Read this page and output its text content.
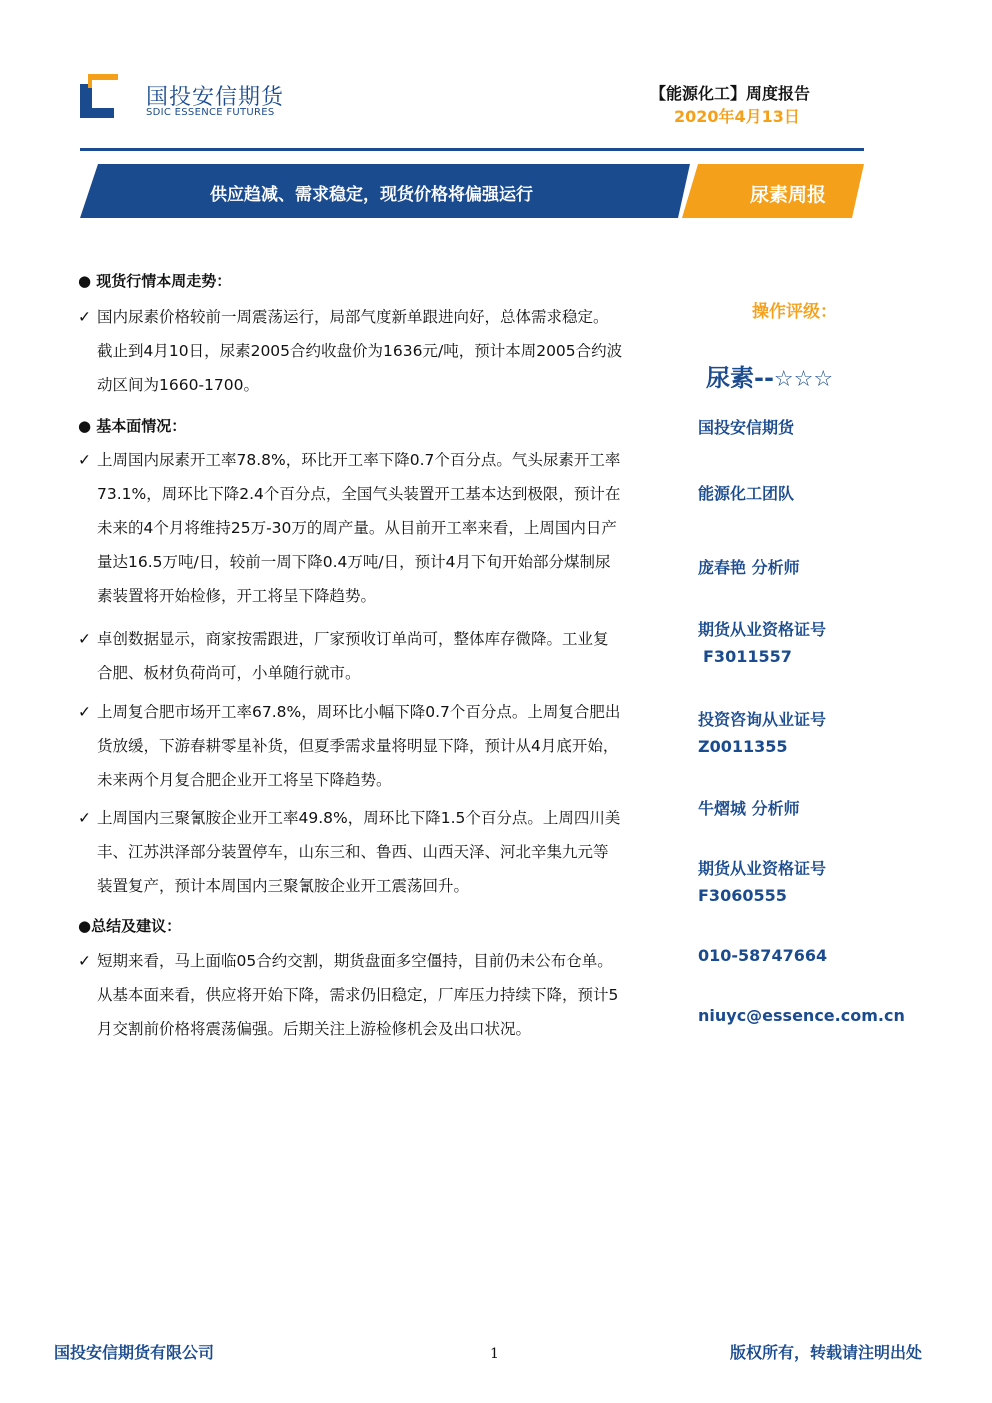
国投安信期货
SDIC ESSENCE FUTURES
【能源化工】周度报告
2020年4月13日
供应趋减、需求稳定，现货价格将偏强运行	尿素周报
● 现货行情本周走势：
✓ 国内尿素价格较前一周震荡运行，局部气度新单跟进向好，总体需求稳定。
截止到4月10日，尿素2005合约收盘价为1636元/吨，预计本周2005合约波
动区间为1660-1700。
● 基本面情况：
✓ 上周国内尿素开工率78.8%，环比开工率下降0.7个百分点。气头尿素开工率
73.1%，周环比下降2.4个百分点，全国气头装置开工基本达到极限，预计在
未来的4个月将维持25万-30万的周产量。从目前开工率来看，上周国内日产
量达16.5万吨/日，较前一周下降0.4万吨/日，预计4月下旬开始部分煤制尿
素装置将开始检修，开工将呈下降趋势。
✓ 卓创数据显示，商家按需跟进，厂家预收订单尚可，整体库存微降。工业复
合肥、板材负荷尚可，小单随行就市。
✓ 上周复合肥市场开工率67.8%，周环比小幅下降0.7个百分点。上周复合肥出
货放缓，下游春耕零星补货，但夏季需求量将明显下降，预计从4月底开始，
未来两个月复合肥企业开工将呈下降趋势。
✓ 上周国内三聚氰胺企业开工率49.8%，周环比下降1.5个百分点。上周四川美
丰、江苏洪泽部分装置停车，山东三和、鲁西、山西天泽、河北辛集九元等
装置复产，预计本周国内三聚氰胺企业开工震荡回升。
●总结及建议：
✓ 短期来看，马上面临05合约交割，期货盘面多空僵持，目前仍未公布仓单。
从基本面来看，供应将开始下降，需求仍旧稳定，厂库压力持续下降，预计5
月交割前价格将震荡偏强。后期关注上游检修机会及出口状况。
操作评级：
尿素--☆☆☆
国投安信期货
能源化工团队
庞春艳 分析师
期货从业资格证号
F3011557
投资咨询从业证号
Z0011355
牛熠城 分析师
期货从业资格证号
F3060555
010-58747664
niuyc@essence.com.cn
国投安信期货有限公司	1	版权所有，转载请注明出处
